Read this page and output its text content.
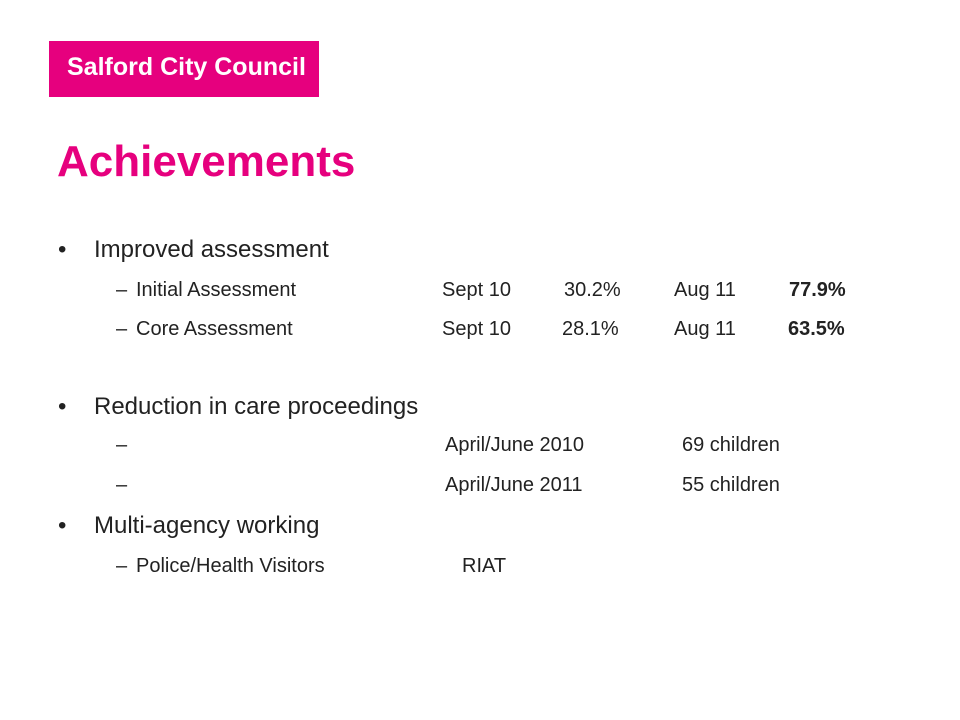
Salford City Council
Achievements
• Improved assessment
– Initial Assessment	Sept 10	30.2%	Aug 11	77.9%
– Core Assessment	Sept 10	28.1%	Aug 11	63.5%
• Reduction in care proceedings
–	April/June 2010	69 children
–	April/June 2011	55 children
• Multi-agency working
– Police/Health Visitors	RIAT
